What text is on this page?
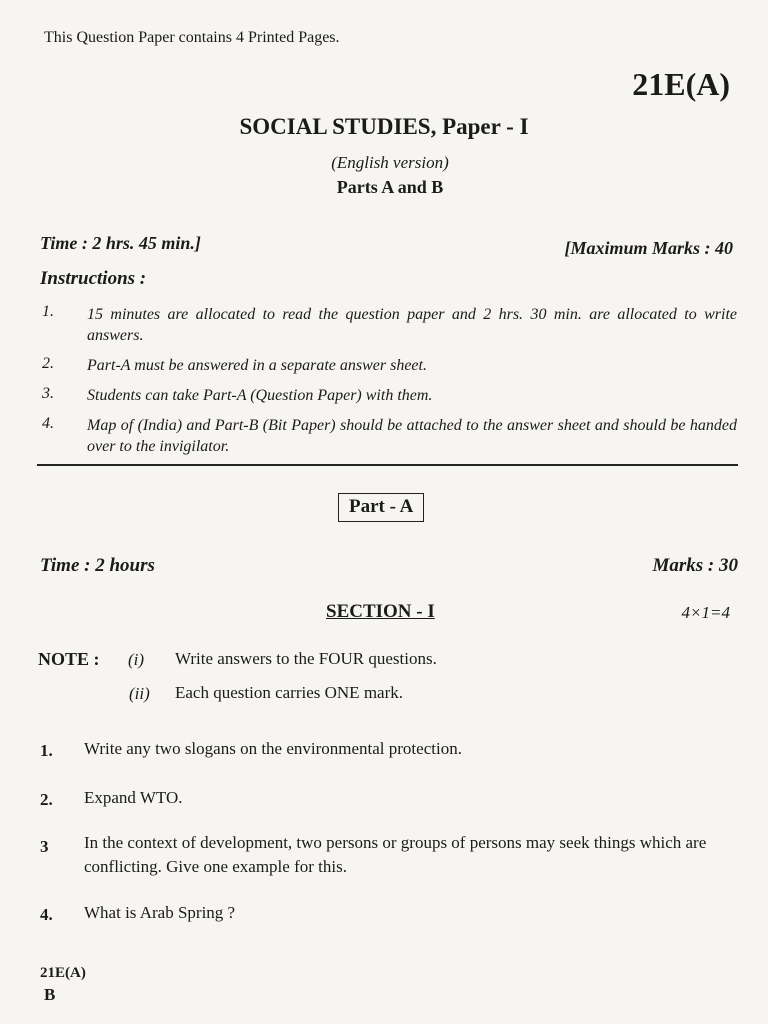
This Question Paper contains 4 Printed Pages.
21E(A)
SOCIAL STUDIES, Paper - I
(English version)
Parts A and B
Time : 2 hrs. 45 min.]	[Maximum Marks : 40
Instructions :
1. 15 minutes are allocated to read the question paper and 2 hrs. 30 min. are allocated to write answers.
2. Part-A must be answered in a separate answer sheet.
3. Students can take Part-A (Question Paper) with them.
4. Map of (India) and Part-B (Bit Paper) should be attached to the answer sheet and should be handed over to the invigilator.
Part - A
Time : 2 hours	Marks : 30
SECTION - I	4×1=4
NOTE : (i) Write answers to the FOUR questions.
(ii) Each question carries ONE mark.
1. Write any two slogans on the environmental protection.
2. Expand WTO.
3 In the context of development, two persons or groups of persons may seek things which are conflicting. Give one example for this.
4. What is Arab Spring ?
21E(A)
B
